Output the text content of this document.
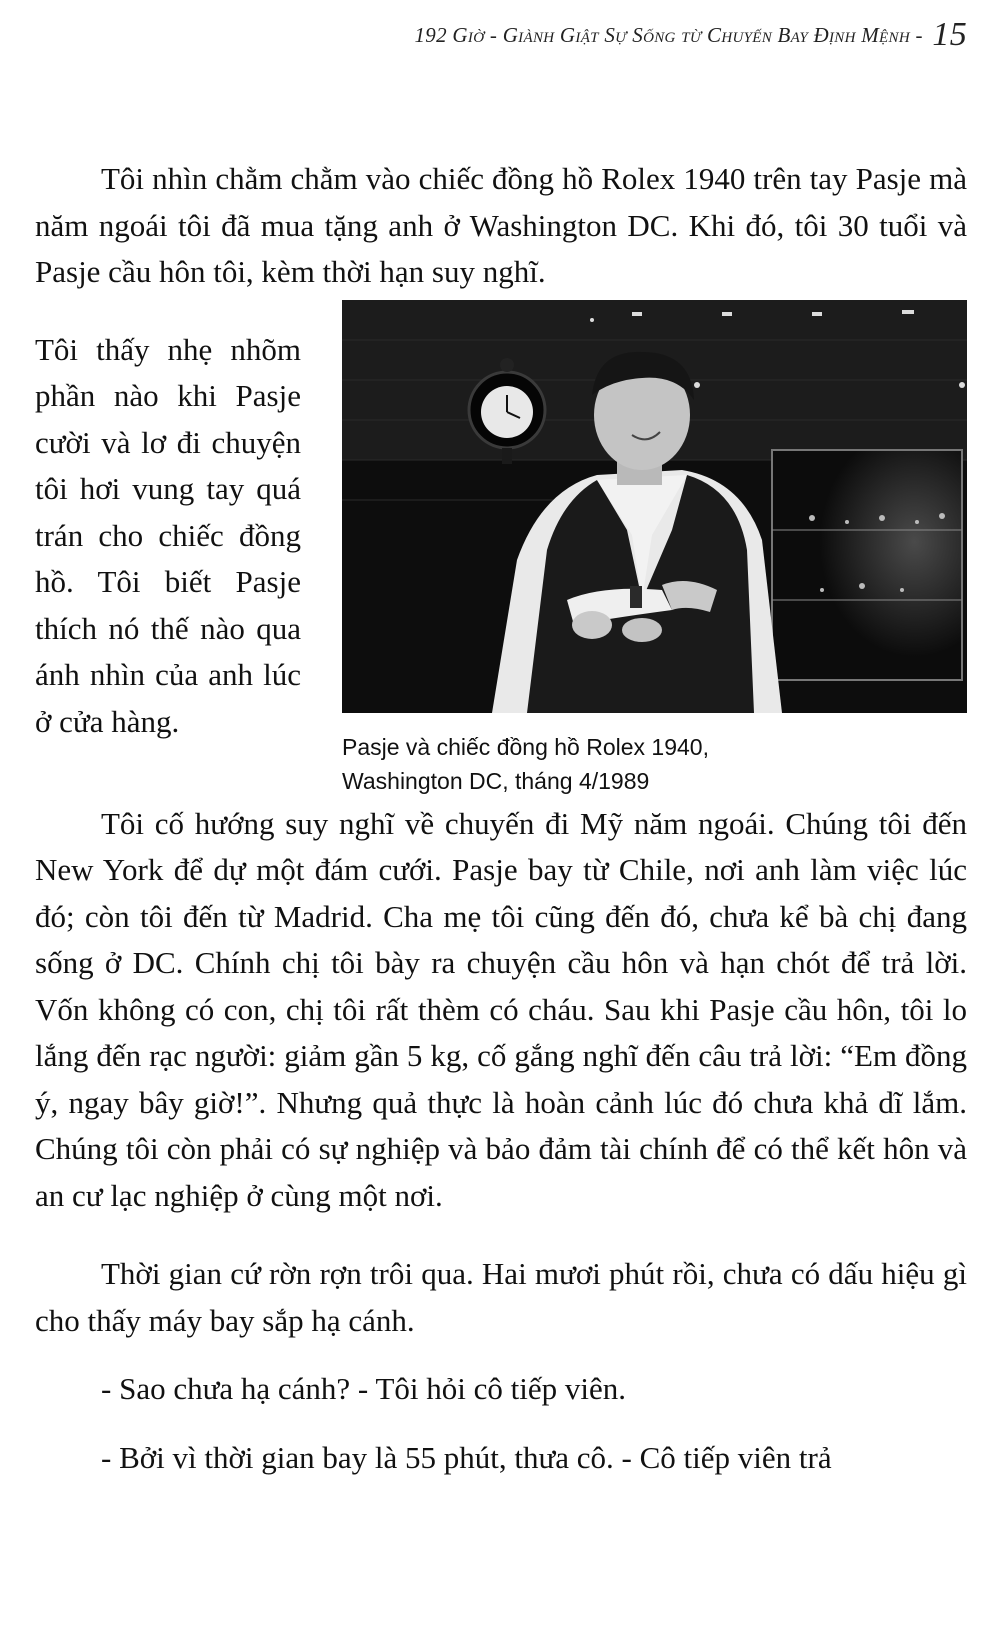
192 Giờ - Giành Giật Sự Sống từ Chuyến Bay Định Mệnh - 15

Tôi nhìn chằm chằm vào chiếc đồng hồ Rolex 1940 trên tay Pasje mà năm ngoái tôi đã mua tặng anh ở Washington DC. Khi đó, tôi 30 tuổi và Pasje cầu hôn tôi, kèm thời hạn suy nghĩ.

Tôi thấy nhẹ nhõm phần nào khi Pasje cười và lơ đi chuyện tôi hơi vung tay quá trán cho chiếc đồng hồ. Tôi biết Pasje thích nó thế nào qua ánh nhìn của anh lúc ở cửa hàng.

Pasje và chiếc đồng hồ Rolex 1940,
Washington DC, tháng 4/1989

Tôi cố hướng suy nghĩ về chuyến đi Mỹ năm ngoái. Chúng tôi đến New York để dự một đám cưới. Pasje bay từ Chile, nơi anh làm việc lúc đó; còn tôi đến từ Madrid. Cha mẹ tôi cũng đến đó, chưa kể bà chị đang sống ở DC. Chính chị tôi bày ra chuyện cầu hôn và hạn chót để trả lời. Vốn không có con, chị tôi rất thèm có cháu. Sau khi Pasje cầu hôn, tôi lo lắng đến rạc người: giảm gần 5 kg, cố gắng nghĩ đến câu trả lời: “Em đồng ý, ngay bây giờ!”. Nhưng quả thực là hoàn cảnh lúc đó chưa khả dĩ lắm. Chúng tôi còn phải có sự nghiệp và bảo đảm tài chính để có thể kết hôn và an cư lạc nghiệp ở cùng một nơi.

Thời gian cứ rờn rợn trôi qua. Hai mươi phút rồi, chưa có dấu hiệu gì cho thấy máy bay sắp hạ cánh.

- Sao chưa hạ cánh? - Tôi hỏi cô tiếp viên.

- Bởi vì thời gian bay là 55 phút, thưa cô. - Cô tiếp viên trả
